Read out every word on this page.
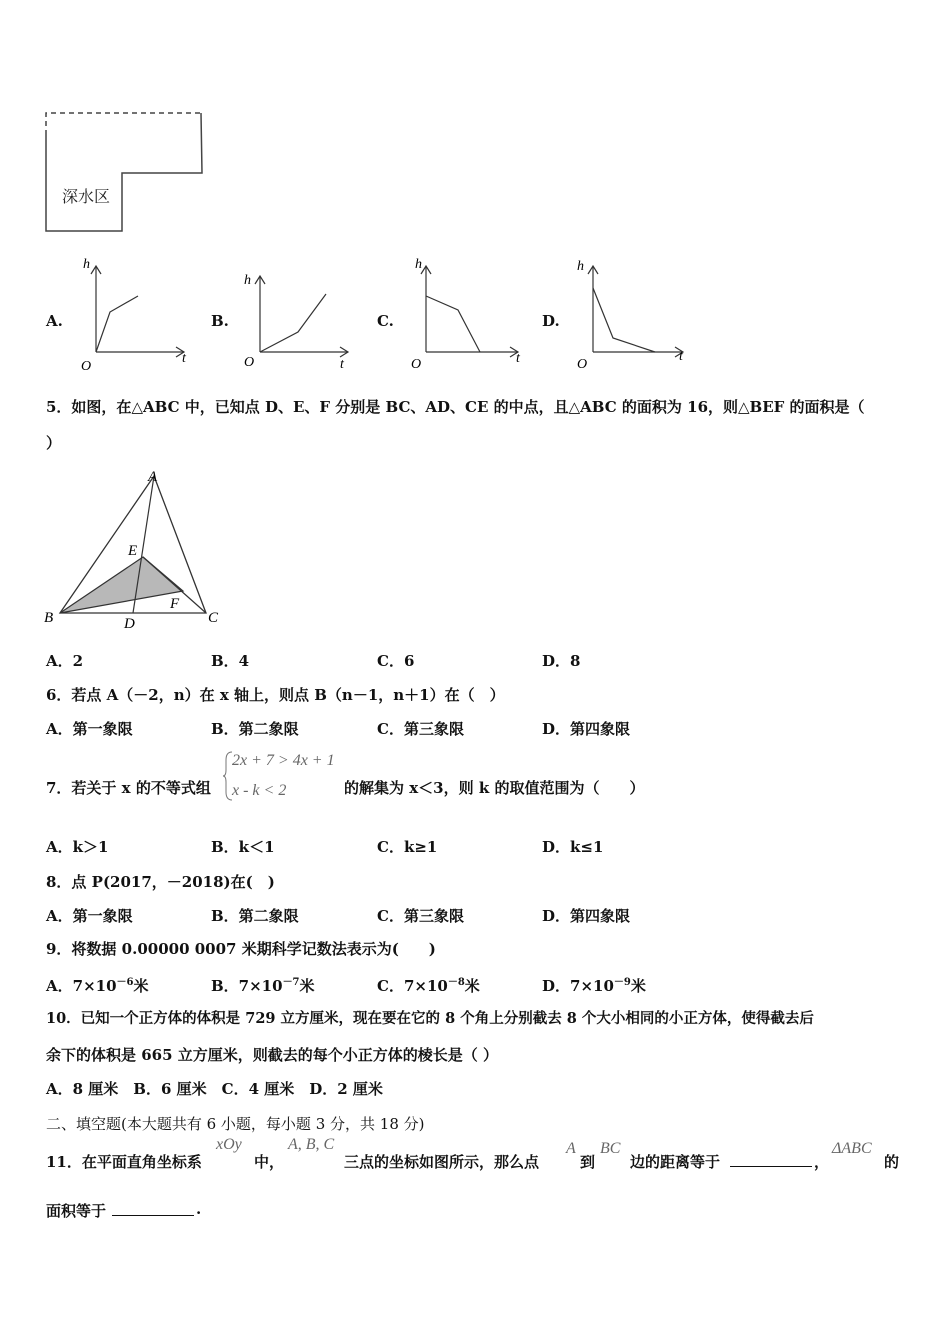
深水区
A.
h
t
O
B.
h
t
O
C.
h
t
O
D.
h
t
O
5．如图，在△ABC 中，已知点 D、E、F 分别是 BC、AD、CE 的中点，且△ABC 的面积为 16，则△BEF 的面积是（
）
A
B	C
D
E
F
A．2	B．4	C．6	D．8
6．若点 A（－2，n）在 x 轴上，则点 B（n－1，n＋1）在（　）
A．第一象限	B．第二象限	C．第三象限	D．第四象限
7．若关于 x 的不等式组
2x + 7 > 4x + 1
x - k < 2	的解集为 x＜3，则 k 的取值范围为（　　）
A．k＞1	B．k＜1	C．k≥1	D．k≤1
8．点 P(2017，－2018)在(　)
A．第一象限	B．第二象限	C．第三象限	D．第四象限
9．将数据 0.00000 0007 米期科学记数法表示为(　　)
A．$7\times 10^{-6}$米	B．$7\times 10^{-7}$米	C．$7\times 10^{-8}$米	D．$7\times 10^{-9}$米
10．已知一个正方体的体积是 729 立方厘米，现在要在它的 8 个角上分别截去 8 个大小相同的小正方体，使得截去后
余下的体积是 665 立方厘米，则截去的每个小正方体的棱长是（ ）
A．8 厘米　B．6 厘米　C．4 厘米　D．2 厘米
二、填空题(本大题共有 6 小题，每小题 3 分，共 18 分)
11．在平面直角坐标系
xOy
中，
A, B, C
三点的坐标如图所示，那么点
A
到
BC
边的距离等于	，
ΔABC
的
面积等于	.
